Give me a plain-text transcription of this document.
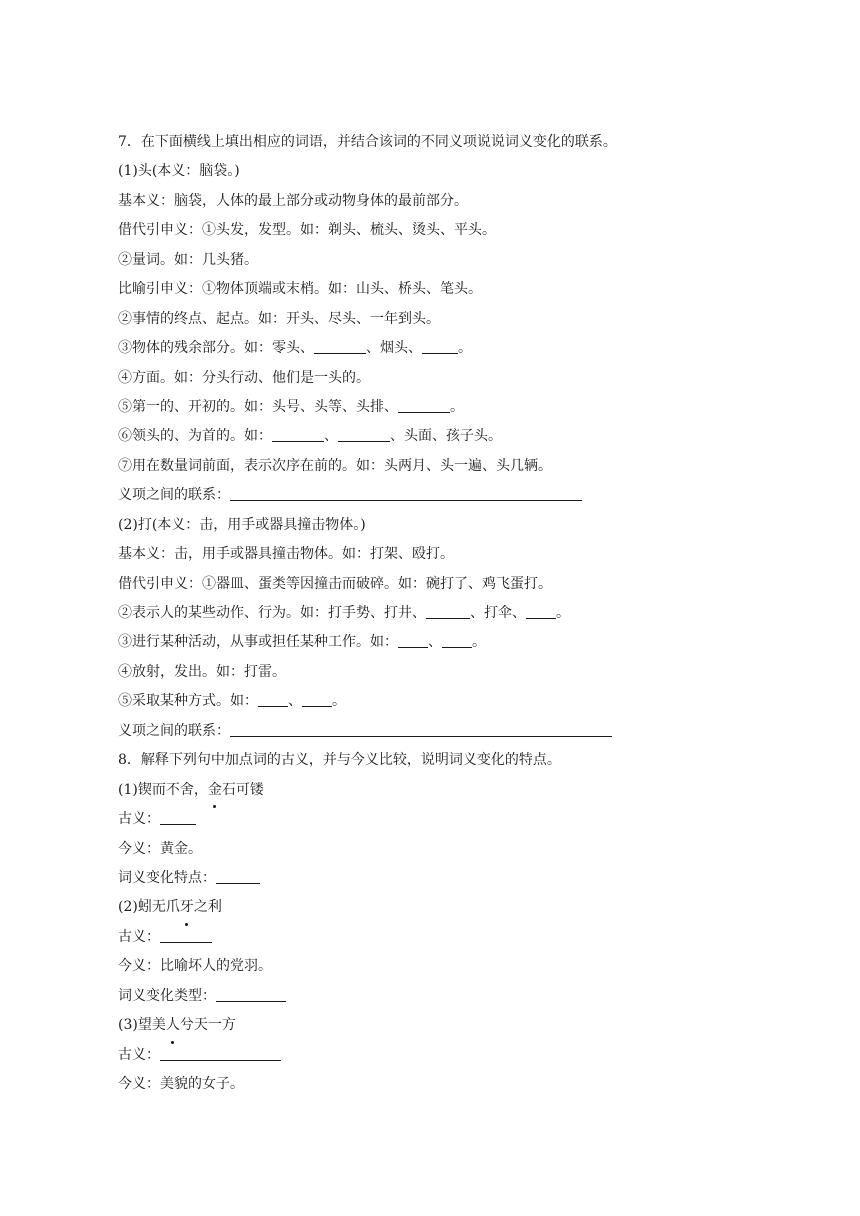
7．在下面横线上填出相应的词语，并结合该词的不同义项说说词义变化的联系。
(1)头(本义：脑袋。)
基本义：脑袋，人体的最上部分或动物身体的最前部分。
借代引申义：①头发，发型。如：剃头、梳头、烫头、平头。
②量词。如：几头猪。
比喻引申义：①物体顶端或末梢。如：山头、桥头、笔头。
②事情的终点、起点。如：开头、尽头、一年到头。
③物体的残余部分。如：零头、	、烟头、	。
④方面。如：分头行动、他们是一头的。
⑤第一的、开初的。如：头号、头等、头排、	。
⑥领头的、为首的。如：	、	、头面、孩子头。
⑦用在数量词前面，表示次序在前的。如：头两月、头一遍、头几辆。
义项之间的联系：
(2)打(本义：击，用手或器具撞击物体。)
基本义：击，用手或器具撞击物体。如：打架、殴打。
借代引申义：①器皿、蛋类等因撞击而破碎。如：碗打了、鸡飞蛋打。
②表示人的某些动作、行为。如：打手势、打井、	、打伞、 。
③进行某种活动，从事或担任某种工作。如： 、 。
④放射，发出。如：打雷。
⑤采取某种方式。如： 、 。
义项之间的联系：
8．解释下列句中加点词的古义，并与今义比较，说明词义变化的特点。
(1)锲而不舍，金石可镂
古义：
今义：黄金。
词义变化特点：
(2)蚓无爪牙之利
古义：
今义：比喻坏人的党羽。
词义变化类型：
(3)望美人兮天一方
古义：
今义：美貌的女子。
